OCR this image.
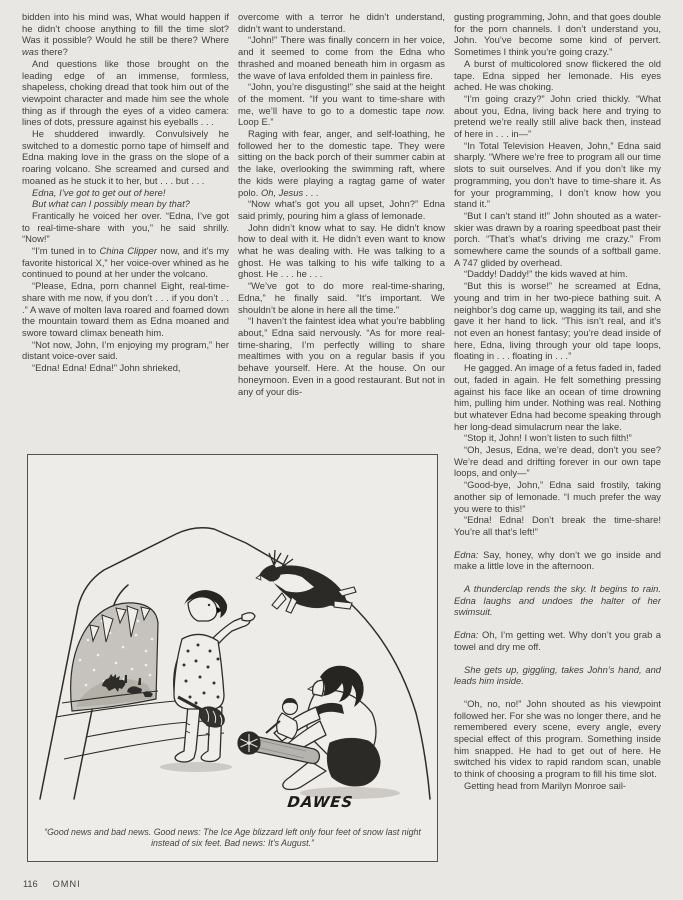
bidden into his mind was, What would happen if he didn’t choose anything to fill the time slot? Was it possible? Would he still be there? Where was there?

And questions like those brought on the leading edge of an immense, formless, shapeless, choking dread that took him out of the viewpoint character and made him see the whole thing as if through the eyes of a video camera: lines of dots, pressure against his eyeballs . . .

He shuddered inwardly. Convulsively he switched to a domestic porno tape of himself and Edna making love in the grass on the slope of a roaring volcano. She screamed and cursed and moaned as he stuck it to her, but . . . but . . .

Edna, I’ve got to get out of here!

But what can I possibly mean by that?

Frantically he voiced her over. “Edna, I’ve got to real-time-share with you,” he said shrilly. “Now!”

“I’m tuned in to China Clipper now, and it’s my favorite historical X,” her voice-over whined as he continued to pound at her under the volcano.

“Please, Edna, porn channel Eight, real-time-share with me now, if you don’t . . . if you don’t . . .” A wave of molten lava roared and foamed down the mountain toward them as Edna moaned and swore toward climax beneath him.

“Not now, John, I’m enjoying my program,” her distant voice-over said.

“Edna! Edna! Edna!” John shrieked,

overcome with a terror he didn’t understand, didn’t want to understand.

“John!” There was finally concern in her voice, and it seemed to come from the Edna who thrashed and moaned beneath him in orgasm as the wave of lava enfolded them in painless fire.

“John, you’re disgusting!” she said at the height of the moment. “If you want to time-share with me, we’ll have to go to a domestic tape now. Loop E.”

Raging with fear, anger, and self-loathing, he followed her to the domestic tape. They were sitting on the back porch of their summer cabin at the lake, overlooking the swimming raft, where the kids were playing a ragtag game of water polo. Oh, Jesus . . .

“Now what’s got you all upset, John?” Edna said primly, pouring him a glass of lemonade.

John didn’t know what to say. He didn’t know how to deal with it. He didn’t even want to know what he was dealing with. He was talking to a ghost. He was talking to his wife talking to a ghost. He . . . he . . .

“We’ve got to do more real-time-sharing, Edna,” he finally said. “It’s important. We shouldn’t be alone in here all the time.”

“I haven’t the faintest idea what you’re babbling about,” Edna said nervously. “As for more real-time-sharing, I’m perfectly willing to share mealtimes with you on a regular basis if you behave yourself. Here. At the house. On our honeymoon. Even in a good restaurant. But not in any of your dis-

DAWES
“Good news and bad news. Good news: The Ice Age blizzard left only four feet of snow last night instead of six feet. Bad news: It’s August.”

gusting programming, John, and that goes double for the porn channels. I don’t understand you, John. You’ve become some kind of pervert. Sometimes I think you’re going crazy.”

A burst of multicolored snow flickered the old tape. Edna sipped her lemonade. His eyes ached. He was choking.

“I’m going crazy?” John cried thickly. “What about you, Edna, living back here and trying to pretend we’re really still alive back then, instead of here in . . . in—”

“In Total Television Heaven, John,” Edna said sharply. “Where we’re free to program all our time slots to suit ourselves. And if you don’t like my programming, you don’t have to time-share it. As for your programming, I don’t know how you stand it.”

“But I can’t stand it!” John shouted as a water-skier was drawn by a roaring speedboat past their porch. “That’s what’s driving me crazy.” From somewhere came the sounds of a softball game. A 747 glided by overhead.

“Daddy! Daddy!” the kids waved at him.

“But this is worse!” he screamed at Edna, young and trim in her two-piece bathing suit. A neighbor’s dog came up, wagging its tail, and she gave it her hand to lick. “This isn’t real, and it’s not even an honest fantasy; you’re dead inside of here, Edna, living through your old tape loops, floating in . . . floating in . . .”

He gagged. An image of a fetus faded in, faded out, faded in again. He felt something pressing against his face like an ocean of time drowning him, pulling him under. Nothing was real. Nothing but whatever Edna had become speaking through her long-dead simulacrum near the lake.

“Stop it, John! I won’t listen to such filth!”

“Oh, Jesus, Edna, we’re dead, don’t you see? We’re dead and drifting forever in our own tape loops, and only—”

“Good-bye, John,” Edna said frostily, taking another sip of lemonade. “I much prefer the way you were to this!”

“Edna! Edna! Don’t break the time-share! You’re all that’s left!”

Edna: Say, honey, why don’t we go inside and make a little love in the afternoon.

A thunderclap rends the sky. It begins to rain. Edna laughs and undoes the halter of her swimsuit.

Edna: Oh, I’m getting wet. Why don’t you grab a towel and dry me off.

She gets up, giggling, takes John’s hand, and leads him inside.

“Oh, no, no!” John shouted as his viewpoint followed her. For she was no longer there, and he remembered every scene, every angle, every special effect of this program. Something inside him snapped. He had to get out of here. He switched his videx to rapid random scan, unable to think of choosing a program to fill his time slot.

Getting head from Marilyn Monroe sail-

116 OMNI
